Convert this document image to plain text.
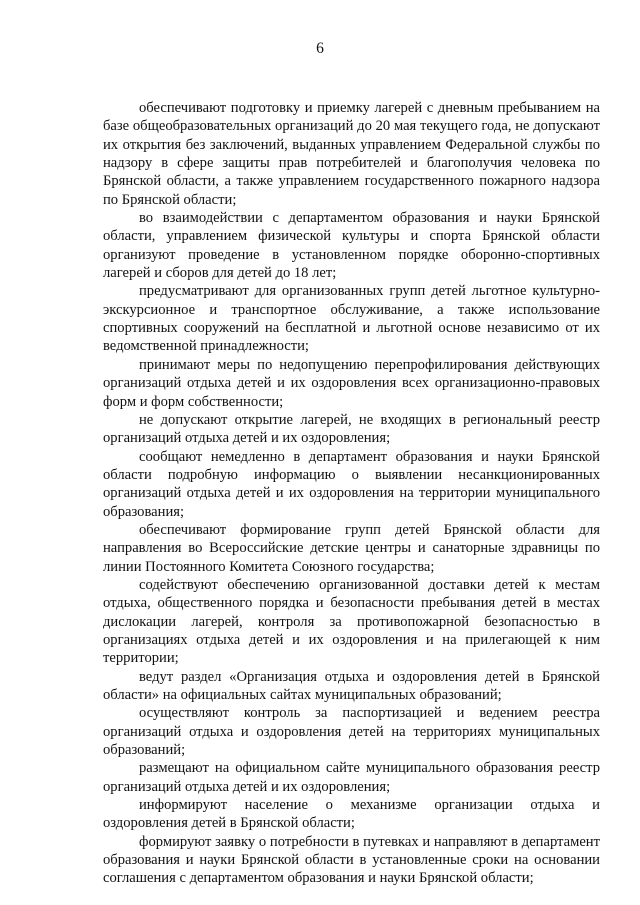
6

обеспечивают подготовку и приемку лагерей с дневным пребыванием на базе общеобразовательных организаций до 20 мая текущего года, не допускают их открытия без заключений, выданных управлением Федеральной службы по надзору в сфере защиты прав потребителей и благополучия человека по Брянской области, а также управлением государственного пожарного надзора по Брянской области;

во взаимодействии с департаментом образования и науки Брянской области, управлением физической культуры и спорта Брянской области организуют проведение в установленном порядке оборонно-спортивных лагерей и сборов для детей до 18 лет;

предусматривают для организованных групп детей льготное культурно-экскурсионное и транспортное обслуживание, а также использование спортивных сооружений на бесплатной и льготной основе независимо от их ведомственной принадлежности;

принимают меры по недопущению перепрофилирования действующих организаций отдыха детей и их оздоровления всех организационно-правовых форм и форм собственности;

не допускают открытие лагерей, не входящих в региональный реестр организаций отдыха детей и их оздоровления;

сообщают немедленно в департамент образования и науки Брянской области подробную информацию о выявлении несанкционированных организаций отдыха детей и их оздоровления на территории муниципального образования;

обеспечивают формирование групп детей Брянской области для направления во Всероссийские детские центры и санаторные здравницы по линии Постоянного Комитета Союзного государства;

содействуют обеспечению организованной доставки детей к местам отдыха, общественного порядка и безопасности пребывания детей в местах дислокации лагерей, контроля за противопожарной безопасностью в организациях отдыха детей и их оздоровления и на прилегающей к ним территории;

ведут раздел «Организация отдыха и оздоровления детей в Брянской области» на официальных сайтах муниципальных образований;

осуществляют контроль за паспортизацией и ведением реестра организаций отдыха и оздоровления детей на территориях муниципальных образований;

размещают на официальном сайте муниципального образования реестр организаций отдыха детей и их оздоровления;

информируют население о механизме организации отдыха и оздоровления детей в Брянской области;

формируют заявку о потребности в путевках и направляют в департамент образования и науки Брянской области в установленные сроки на основании соглашения с департаментом образования и науки Брянской области;
